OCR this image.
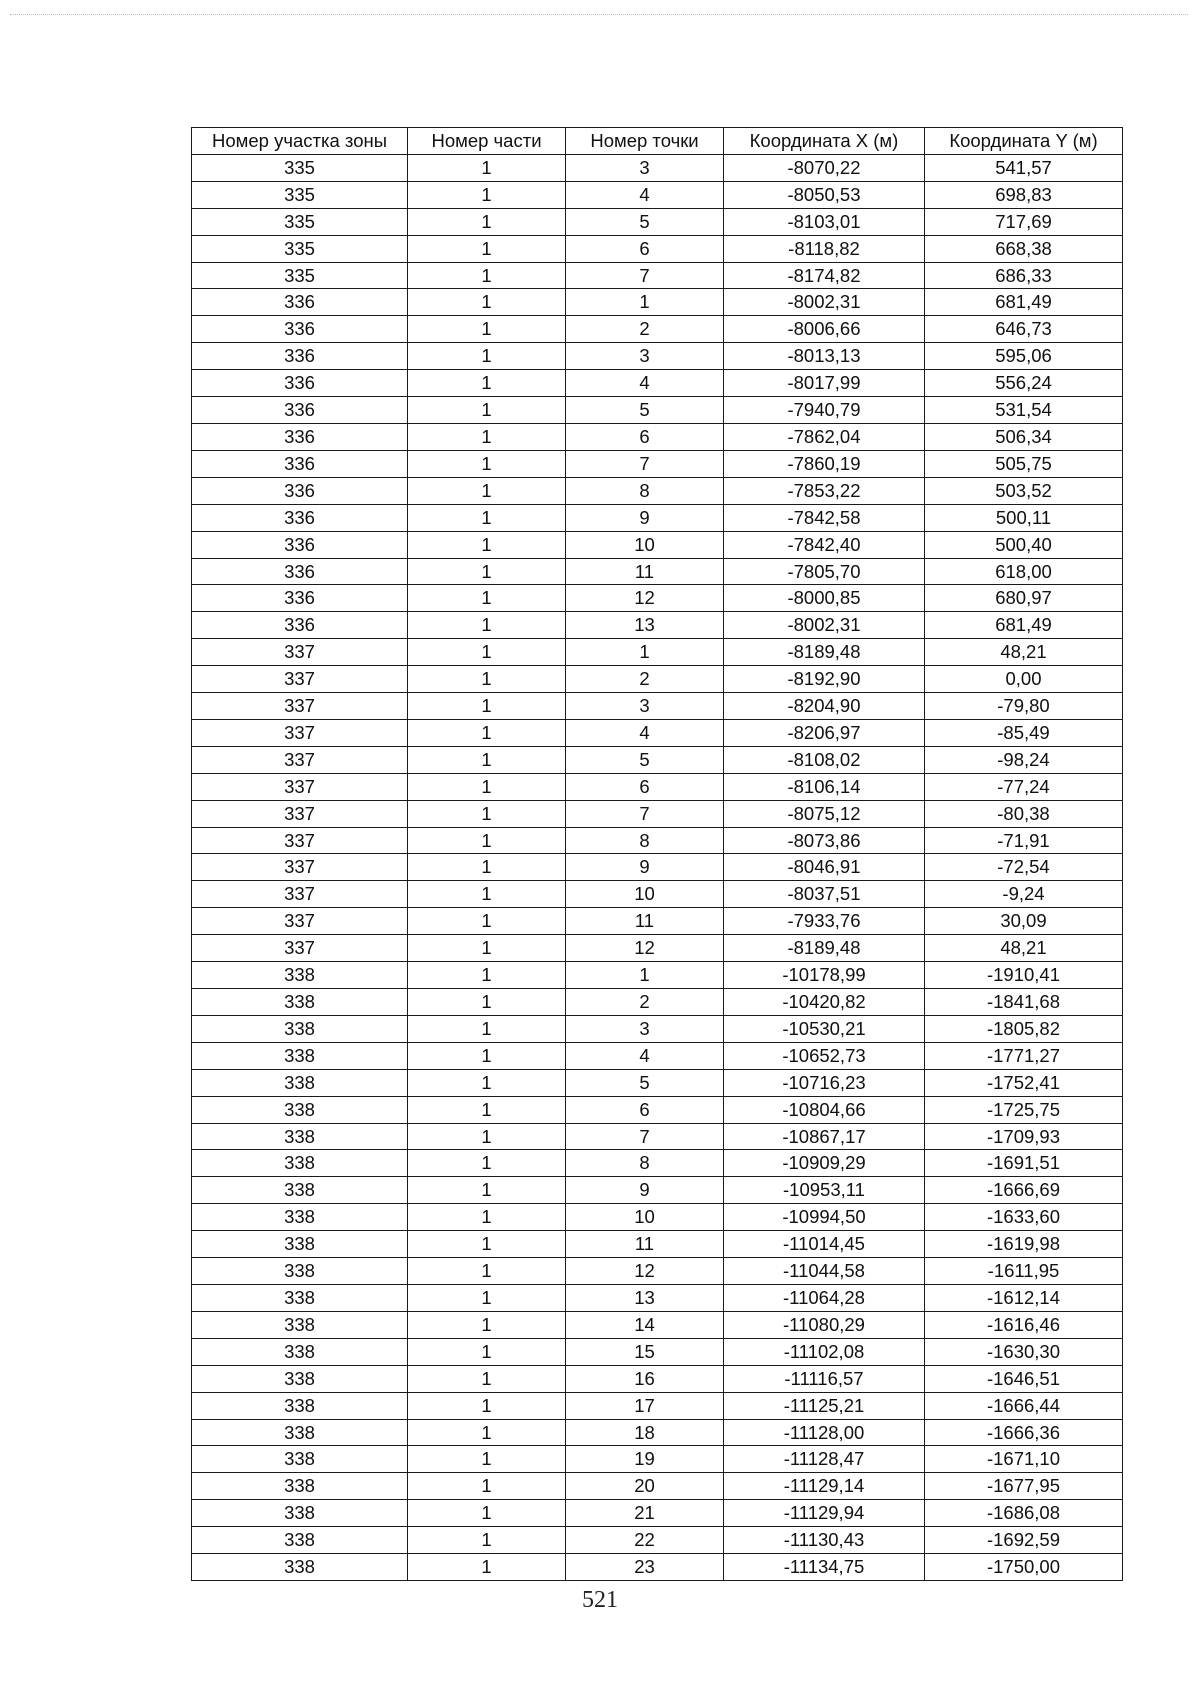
Номер участка зоны	Номер части	Номер точки	Координата X (м)	Координата Y (м)
335	1	3	-8070,22	541,57
335	1	4	-8050,53	698,83
335	1	5	-8103,01	717,69
335	1	6	-8118,82	668,38
335	1	7	-8174,82	686,33
336	1	1	-8002,31	681,49
336	1	2	-8006,66	646,73
336	1	3	-8013,13	595,06
336	1	4	-8017,99	556,24
336	1	5	-7940,79	531,54
336	1	6	-7862,04	506,34
336	1	7	-7860,19	505,75
336	1	8	-7853,22	503,52
336	1	9	-7842,58	500,11
336	1	10	-7842,40	500,40
336	1	11	-7805,70	618,00
336	1	12	-8000,85	680,97
336	1	13	-8002,31	681,49
337	1	1	-8189,48	48,21
337	1	2	-8192,90	0,00
337	1	3	-8204,90	-79,80
337	1	4	-8206,97	-85,49
337	1	5	-8108,02	-98,24
337	1	6	-8106,14	-77,24
337	1	7	-8075,12	-80,38
337	1	8	-8073,86	-71,91
337	1	9	-8046,91	-72,54
337	1	10	-8037,51	-9,24
337	1	11	-7933,76	30,09
337	1	12	-8189,48	48,21
338	1	1	-10178,99	-1910,41
338	1	2	-10420,82	-1841,68
338	1	3	-10530,21	-1805,82
338	1	4	-10652,73	-1771,27
338	1	5	-10716,23	-1752,41
338	1	6	-10804,66	-1725,75
338	1	7	-10867,17	-1709,93
338	1	8	-10909,29	-1691,51
338	1	9	-10953,11	-1666,69
338	1	10	-10994,50	-1633,60
338	1	11	-11014,45	-1619,98
338	1	12	-11044,58	-1611,95
338	1	13	-11064,28	-1612,14
338	1	14	-11080,29	-1616,46
338	1	15	-11102,08	-1630,30
338	1	16	-11116,57	-1646,51
338	1	17	-11125,21	-1666,44
338	1	18	-11128,00	-1666,36
338	1	19	-11128,47	-1671,10
338	1	20	-11129,14	-1677,95
338	1	21	-11129,94	-1686,08
338	1	22	-11130,43	-1692,59
338	1	23	-11134,75	-1750,00
521
